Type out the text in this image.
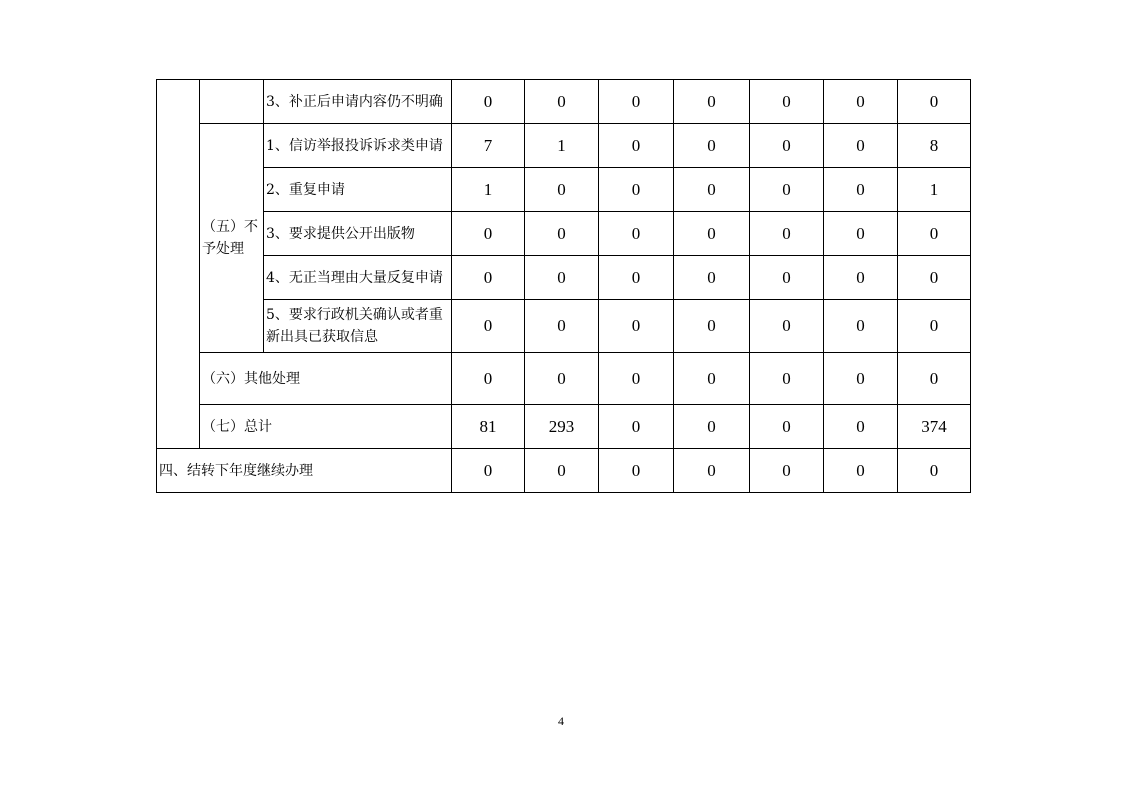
		3、补正后申请内容仍不明确	0	0	0	0	0	0	0
	（五）不予处理	1、信访举报投诉诉求类申请	7	1	0	0	0	0	8
		2、重复申请	1	0	0	0	0	0	1
		3、要求提供公开出版物	0	0	0	0	0	0	0
		4、无正当理由大量反复申请	0	0	0	0	0	0	0
		5、要求行政机关确认或者重新出具已获取信息	0	0	0	0	0	0	0
	（六）其他处理		0	0	0	0	0	0	0
	（七）总计		81	293	0	0	0	0	374
四、结转下年度继续办理			0	0	0	0	0	0	0
4
